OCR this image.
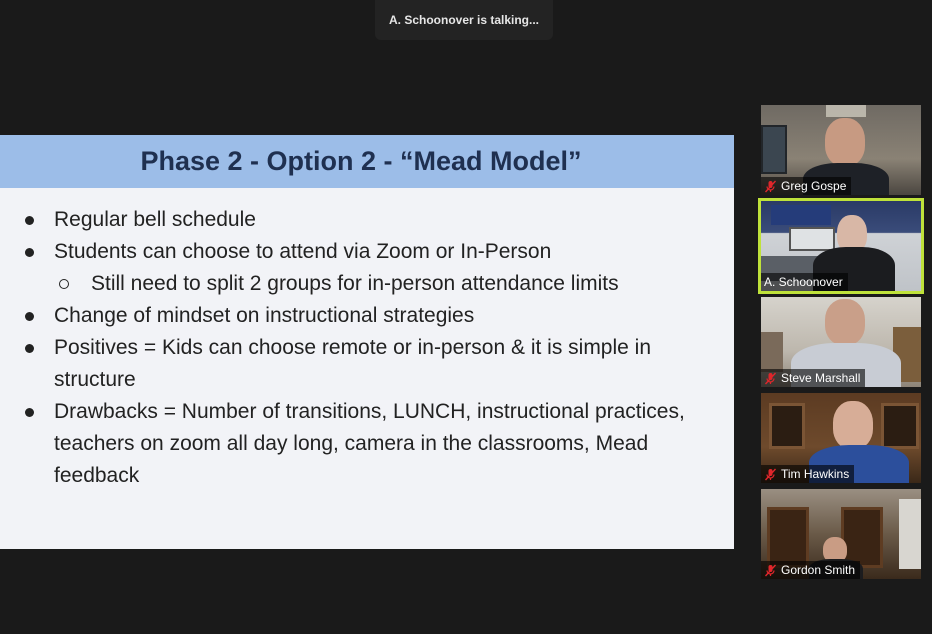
A. Schoonover is talking...
Phase 2 - Option 2 - “Mead Model”
Regular bell schedule
Students can choose to attend via Zoom or In-Person
Still need to split 2 groups for in-person attendance limits
Change of mindset on instructional strategies
Positives = Kids can choose remote or in-person & it is simple in structure
Drawbacks = Number of transitions, LUNCH, instructional practices, teachers on zoom all day long, camera in the classrooms, Mead feedback
Greg Gospe
A. Schoonover
Steve Marshall
Tim Hawkins
Gordon Smith
